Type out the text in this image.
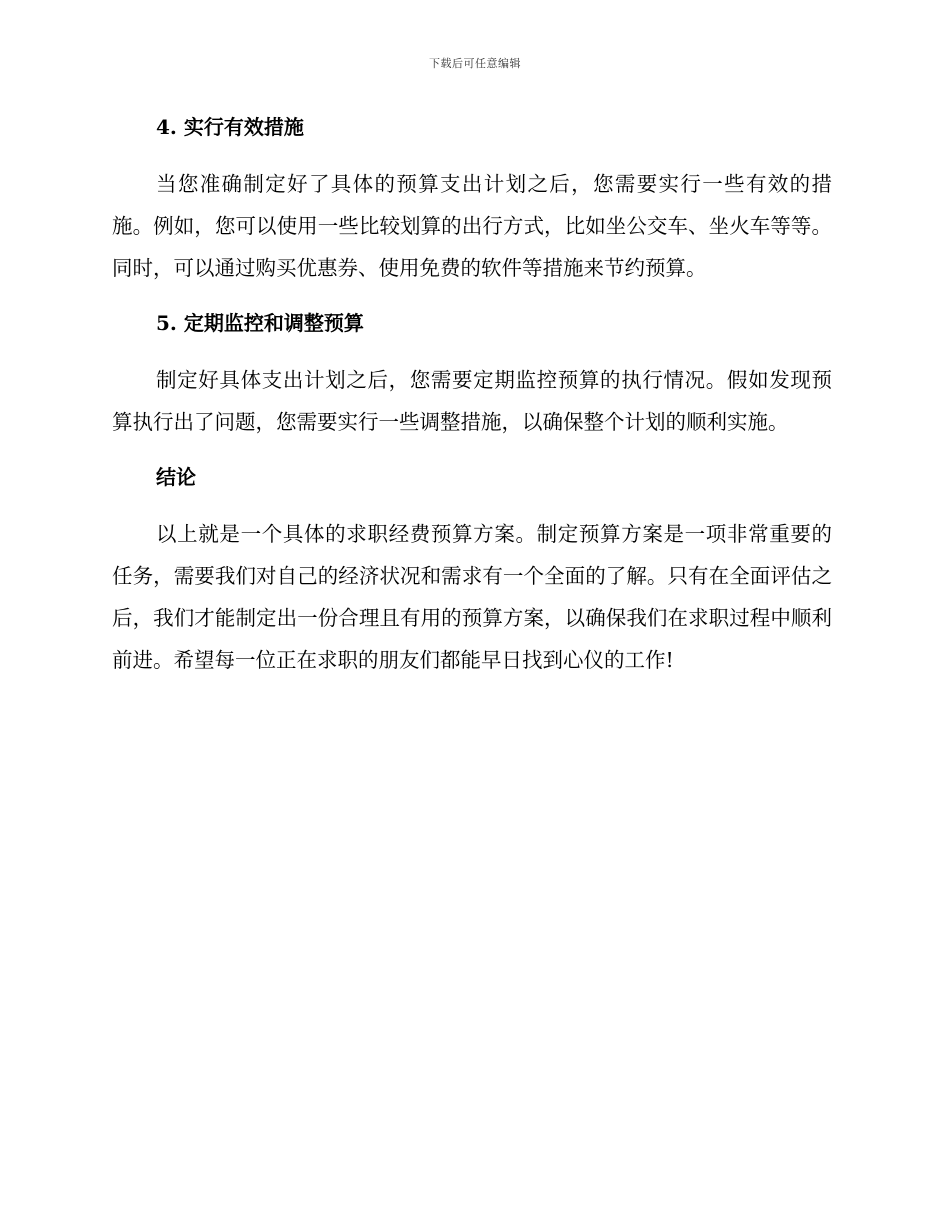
下载后可任意编辑
4. 实行有效措施

当您准确制定好了具体的预算支出计划之后，您需要实行一些有效的措施。例如，您可以使用一些比较划算的出行方式，比如坐公交车、坐火车等等。同时，可以通过购买优惠券、使用免费的软件等措施来节约预算。

5. 定期监控和调整预算

制定好具体支出计划之后，您需要定期监控预算的执行情况。假如发现预算执行出了问题，您需要实行一些调整措施，以确保整个计划的顺利实施。

结论

以上就是一个具体的求职经费预算方案。制定预算方案是一项非常重要的任务，需要我们对自己的经济状况和需求有一个全面的了解。只有在全面评估之后，我们才能制定出一份合理且有用的预算方案，以确保我们在求职过程中顺利前进。希望每一位正在求职的朋友们都能早日找到心仪的工作!
